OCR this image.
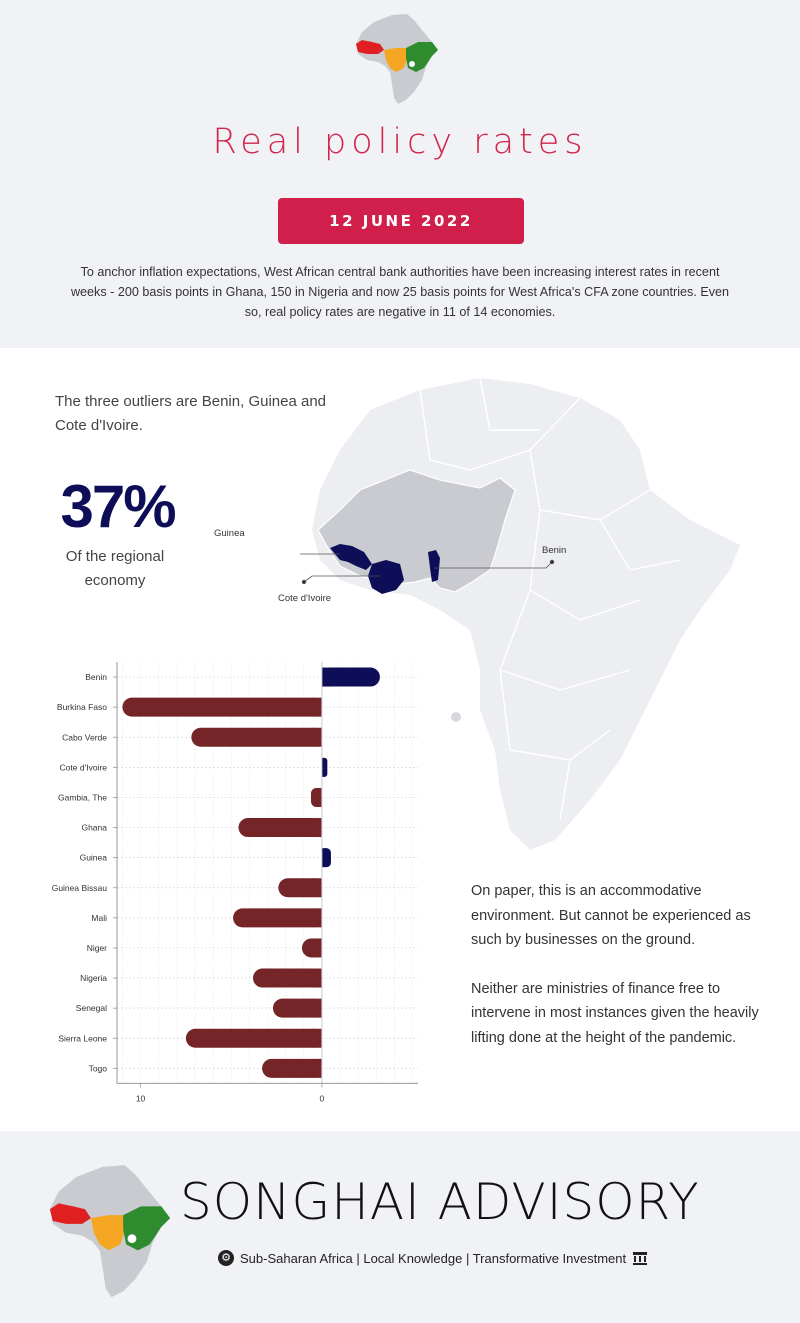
Real policy rates
12 JUNE 2022
To anchor inflation expectations, West African central bank authorities have been increasing interest rates in recent weeks - 200 basis points in Ghana, 150 in Nigeria and now 25 basis points for West Africa's CFA zone countries. Even so, real policy rates are negative in 11 of 14 economies.
Guinea
Cote d'Ivoire
Benin
The three outliers are Benin, Guinea and Cote d'Ivoire.
37%
Of the regional economy
Benin
Burkina Faso
Cabo Verde
Cote d'Ivoire
Gambia, The
Ghana
Guinea
Guinea Bissau
Mali
Niger
Nigeria
Senegal
Sierra Leone
Togo
10	0

On paper, this is an accommodative environment. But cannot be experienced as such by businesses on the ground.

Neither are ministries of finance free to intervene in most instances given the heavily lifting done at the height of the pandemic.

SONGHAI ADVISORY
⚙ Sub-Saharan Africa | Local Knowledge | Transformative Investment
